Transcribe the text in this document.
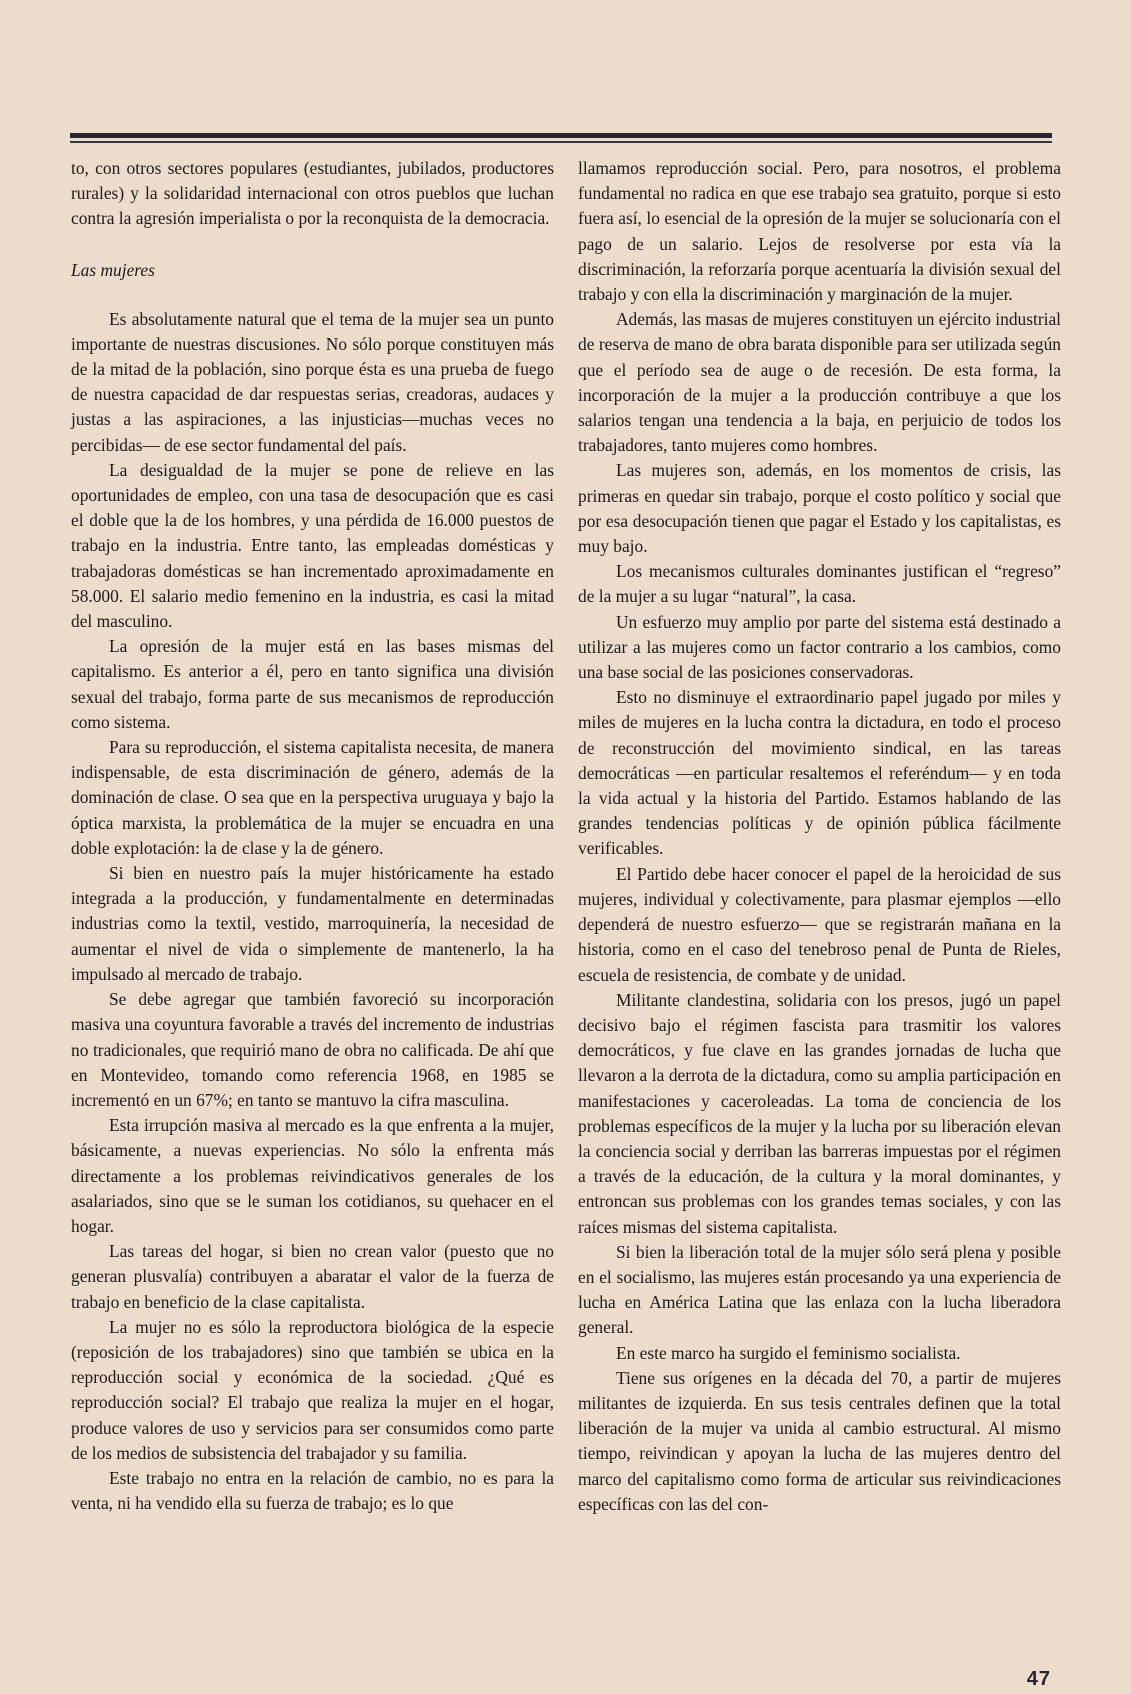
to, con otros sectores populares (estudiantes, jubilados, productores rurales) y la solidaridad internacional con otros pueblos que luchan contra la agresión imperialista o por la reconquista de la democracia.

Las mujeres

Es absolutamente natural que el tema de la mujer sea un punto importante de nuestras discusiones. No sólo porque constituyen más de la mitad de la población, sino porque ésta es una prueba de fuego de nuestra capacidad de dar respuestas serias, creadoras, audaces y justas a las aspiraciones, a las injusticias—muchas veces no percibidas— de ese sector fundamental del país.

La desigualdad de la mujer se pone de relieve en las oportunidades de empleo, con una tasa de desocupación que es casi el doble que la de los hombres, y una pérdida de 16.000 puestos de trabajo en la industria. Entre tanto, las empleadas domésticas y trabajadoras domésticas se han incrementado aproximadamente en 58.000. El salario medio femenino en la industria, es casi la mitad del masculino.

La opresión de la mujer está en las bases mismas del capitalismo. Es anterior a él, pero en tanto significa una división sexual del trabajo, forma parte de sus mecanismos de reproducción como sistema.

Para su reproducción, el sistema capitalista necesita, de manera indispensable, de esta discriminación de género, además de la dominación de clase. O sea que en la perspectiva uruguaya y bajo la óptica marxista, la problemática de la mujer se encuadra en una doble explotación: la de clase y la de género.

Si bien en nuestro país la mujer históricamente ha estado integrada a la producción, y fundamentalmente en determinadas industrias como la textil, vestido, marroquinería, la necesidad de aumentar el nivel de vida o simplemente de mantenerlo, la ha impulsado al mercado de trabajo.

Se debe agregar que también favoreció su incorporación masiva una coyuntura favorable a través del incremento de industrias no tradicionales, que requirió mano de obra no calificada. De ahí que en Montevideo, tomando como referencia 1968, en 1985 se incrementó en un 67%; en tanto se mantuvo la cifra masculina.

Esta irrupción masiva al mercado es la que enfrenta a la mujer, básicamente, a nuevas experiencias. No sólo la enfrenta más directamente a los problemas reivindicativos generales de los asalariados, sino que se le suman los cotidianos, su quehacer en el hogar.

Las tareas del hogar, si bien no crean valor (puesto que no generan plusvalía) contribuyen a abaratar el valor de la fuerza de trabajo en beneficio de la clase capitalista.

La mujer no es sólo la reproductora biológica de la especie (reposición de los trabajadores) sino que también se ubica en la reproducción social y económica de la sociedad. ¿Qué es reproducción social? El trabajo que realiza la mujer en el hogar, produce valores de uso y servicios para ser consumidos como parte de los medios de subsistencia del trabajador y su familia.

Este trabajo no entra en la relación de cambio, no es para la venta, ni ha vendido ella su fuerza de trabajo; es lo que

llamamos reproducción social. Pero, para nosotros, el problema fundamental no radica en que ese trabajo sea gratuito, porque si esto fuera así, lo esencial de la opresión de la mujer se solucionaría con el pago de un salario. Lejos de resolverse por esta vía la discriminación, la reforzaría porque acentuaría la división sexual del trabajo y con ella la discriminación y marginación de la mujer.

Además, las masas de mujeres constituyen un ejército industrial de reserva de mano de obra barata disponible para ser utilizada según que el período sea de auge o de recesión. De esta forma, la incorporación de la mujer a la producción contribuye a que los salarios tengan una tendencia a la baja, en perjuicio de todos los trabajadores, tanto mujeres como hombres.

Las mujeres son, además, en los momentos de crisis, las primeras en quedar sin trabajo, porque el costo político y social que por esa desocupación tienen que pagar el Estado y los capitalistas, es muy bajo.

Los mecanismos culturales dominantes justifican el “regreso” de la mujer a su lugar “natural”, la casa.

Un esfuerzo muy amplio por parte del sistema está destinado a utilizar a las mujeres como un factor contrario a los cambios, como una base social de las posiciones conservadoras.

Esto no disminuye el extraordinario papel jugado por miles y miles de mujeres en la lucha contra la dictadura, en todo el proceso de reconstrucción del movimiento sindical, en las tareas democráticas —en particular resaltemos el referéndum— y en toda la vida actual y la historia del Partido. Estamos hablando de las grandes tendencias políticas y de opinión pública fácilmente verificables.

El Partido debe hacer conocer el papel de la heroicidad de sus mujeres, individual y colectivamente, para plasmar ejemplos —ello dependerá de nuestro esfuerzo— que se registrarán mañana en la historia, como en el caso del tenebroso penal de Punta de Rieles, escuela de resistencia, de combate y de unidad.

Militante clandestina, solidaria con los presos, jugó un papel decisivo bajo el régimen fascista para trasmitir los valores democráticos, y fue clave en las grandes jornadas de lucha que llevaron a la derrota de la dictadura, como su amplia participación en manifestaciones y caceroleadas. La toma de conciencia de los problemas específicos de la mujer y la lucha por su liberación elevan la conciencia social y derriban las barreras impuestas por el régimen a través de la educación, de la cultura y la moral dominantes, y entroncan sus problemas con los grandes temas sociales, y con las raíces mismas del sistema capitalista.

Si bien la liberación total de la mujer sólo será plena y posible en el socialismo, las mujeres están procesando ya una experiencia de lucha en América Latina que las enlaza con la lucha liberadora general.

En este marco ha surgido el feminismo socialista.

Tiene sus orígenes en la década del 70, a partir de mujeres militantes de izquierda. En sus tesis centrales definen que la total liberación de la mujer va unida al cambio estructural. Al mismo tiempo, reivindican y apoyan la lucha de las mujeres dentro del marco del capitalismo como forma de articular sus reivindicaciones específicas con las del con-

47
